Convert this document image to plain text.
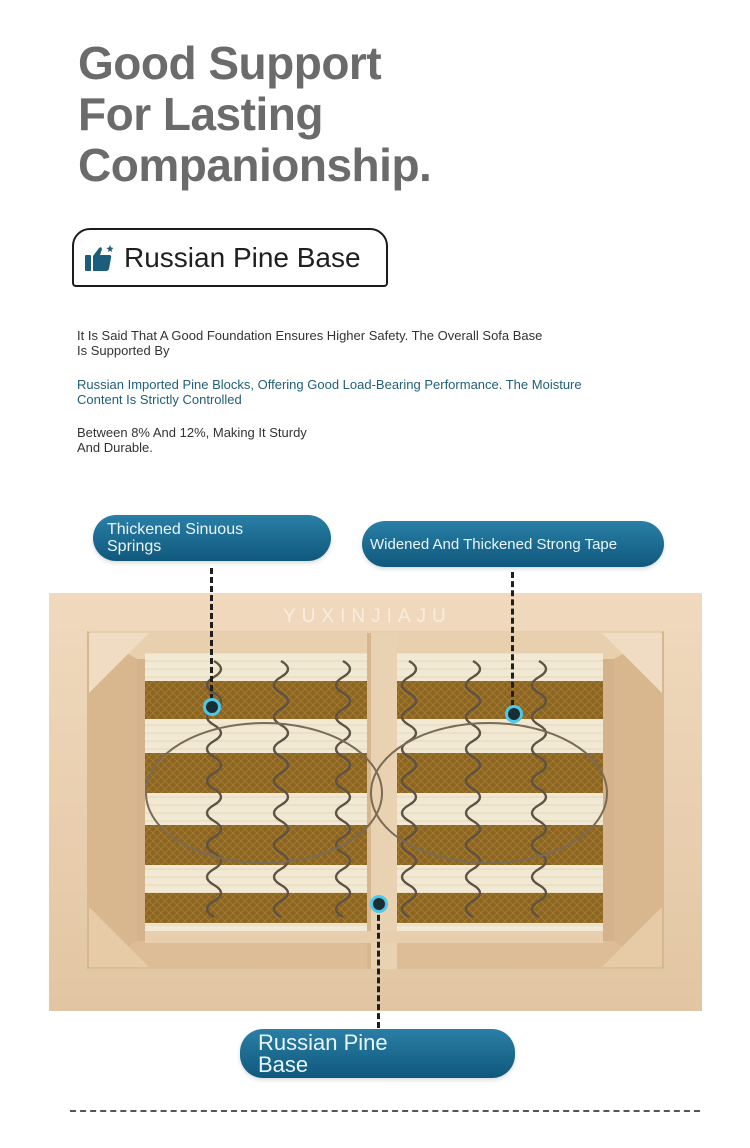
Good Support
For Lasting
Companionship.
Russian Pine Base
It Is Said That A Good Foundation Ensures Higher Safety. The Overall Sofa Base
Is Supported By
Russian Imported Pine Blocks, Offering Good Load-Bearing Performance. The Moisture
Content Is Strictly Controlled
Between 8% And 12%, Making It Sturdy
And Durable.
YUXINJIAJU
Thickened Sinuous
Springs	Widened And Thickened Strong Tape
Russian Pine
Base
